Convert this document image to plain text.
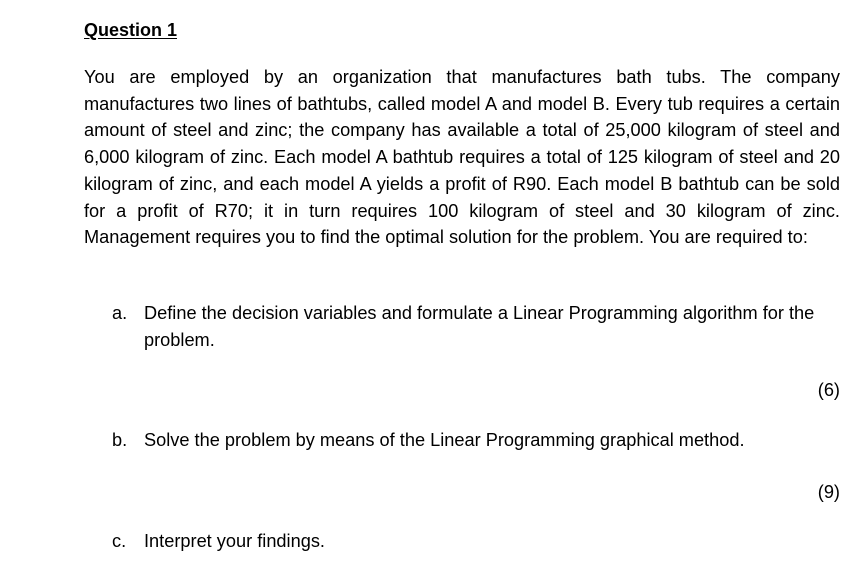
Question 1

You are employed by an organization that manufactures bath tubs. The company manufactures two lines of bathtubs, called model A and model B. Every tub requires a certain amount of steel and zinc; the company has available a total of 25,000 kilogram of steel and 6,000 kilogram of zinc. Each model A bathtub requires a total of 125 kilogram of steel and 20 kilogram of zinc, and each model A yields a profit of R90. Each model B bathtub can be sold for a profit of R70; it in turn requires 100 kilogram of steel and 30 kilogram of zinc. Management requires you to find the optimal solution for the problem. You are required to:

a. Define the decision variables and formulate a Linear Programming algorithm for the problem.
(6)
b. Solve the problem by means of the Linear Programming graphical method.
(9)
c. Interpret your findings.
